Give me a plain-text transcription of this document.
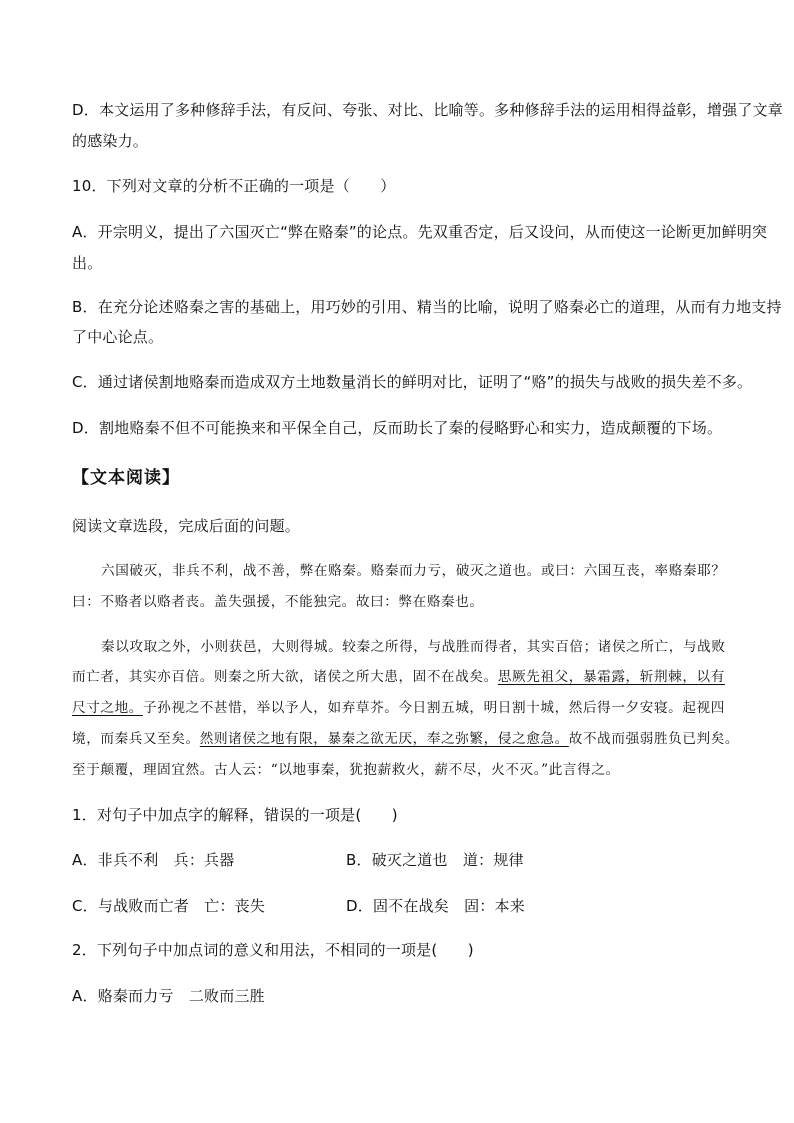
D．本文运用了多种修辞手法，有反问、夸张、对比、比喻等。多种修辞手法的运用相得益彰，增强了文章
的感染力。
10．下列对文章的分析不正确的一项是（　　）
A．开宗明义，提出了六国灭亡“弊在赂秦”的论点。先双重否定，后又设问，从而使这一论断更加鲜明突
出。
B．在充分论述赂秦之害的基础上，用巧妙的引用、精当的比喻，说明了赂秦必亡的道理，从而有力地支持
了中心论点。
C．通过诸侯割地赂秦而造成双方土地数量消长的鲜明对比，证明了“赂”的损失与战败的损失差不多。
D．割地赂秦不但不可能换来和平保全自己，反而助长了秦的侵略野心和实力，造成颠覆的下场。
【文本阅读】
阅读文章选段，完成后面的问题。
六国破灭，非兵不利，战不善，弊在赂秦。赂秦而力亏，破灭之道也。或曰：六国互丧，率赂秦耶？
曰：不赂者以赂者丧。盖失强援，不能独完。故曰：弊在赂秦也。
秦以攻取之外，小则获邑，大则得城。较秦之所得，与战胜而得者，其实百倍；诸侯之所亡，与战败
而亡者，其实亦百倍。则秦之所大欲，诸侯之所大患，固不在战矣。思厥先祖父，暴霜露，斩荆棘，以有
尺寸之地。子孙视之不甚惜，举以予人，如弃草芥。今日割五城，明日割十城，然后得一夕安寝。起视四
境，而秦兵又至矣。然则诸侯之地有限，暴秦之欲无厌，奉之弥繁，侵之愈急。故不战而强弱胜负已判矣。
至于颠覆，理固宜然。古人云：“以地事秦，犹抱薪救火，薪不尽，火不灭。”此言得之。
1．对句子中加点字的解释，错误的一项是(　　)
A．非兵不利　兵：兵器	B．破灭之道也　道：规律
C．与战败而亡者　亡：丧失	D．固不在战矣　固：本来
2．下列句子中加点词的意义和用法，不相同的一项是(　　)
A．赂秦而力亏　二败而三胜
